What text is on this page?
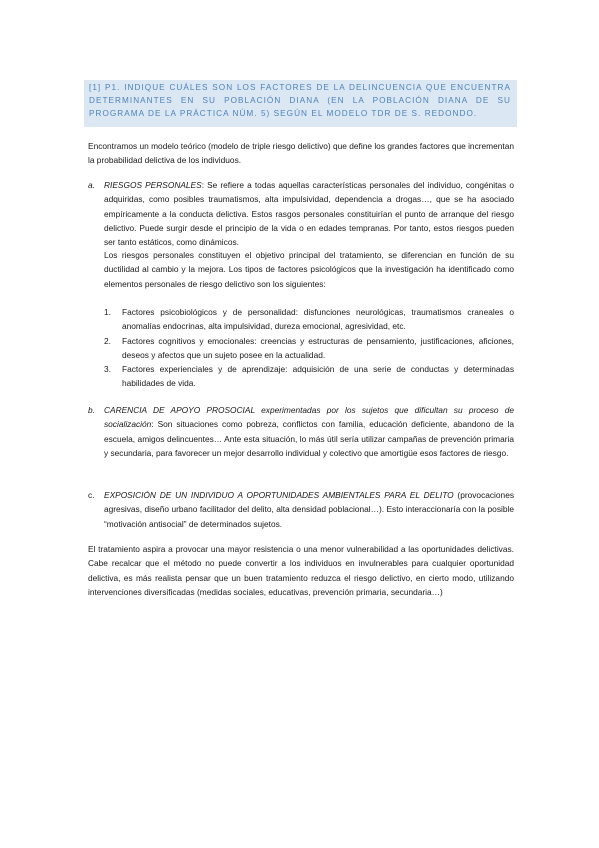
[1] P1. INDIQUE CUÁLES SON LOS FACTORES DE LA DELINCUENCIA QUE ENCUENTRA DETERMINANTES EN SU POBLACIÓN DIANA (EN LA POBLACIÓN DIANA DE SU PROGRAMA DE LA PRÁCTICA NÚM. 5) SEGÚN EL MODELO TDR DE S. REDONDO.
Encontramos un modelo teórico (modelo de triple riesgo delictivo) que define los grandes factores que incrementan la probabilidad delictiva de los individuos.
a. RIESGOS PERSONALES: Se refiere a todas aquellas características personales del individuo, congénitas o adquiridas, como posibles traumatismos, alta impulsividad, dependencia a drogas…, que se ha asociado empíricamente a la conducta delictiva. Estos rasgos personales constituirían el punto de arranque del riesgo delictivo. Puede surgir desde el principio de la vida o en edades tempranas. Por tanto, estos riesgos pueden ser tanto estáticos, como dinámicos.
Los riesgos personales constituyen el objetivo principal del tratamiento, se diferencian en función de su ductilidad al cambio y la mejora. Los tipos de factores psicológicos que la investigación ha identificado como elementos personales de riesgo delictivo son los siguientes:
1. Factores psicobiológicos y de personalidad: disfunciones neurológicas, traumatismos craneales o anomalías endocrinas, alta impulsividad, dureza emocional, agresividad, etc.
2. Factores cognitivos y emocionales: creencias y estructuras de pensamiento, justificaciones, aficiones, deseos y afectos que un sujeto posee en la actualidad.
3. Factores experienciales y de aprendizaje: adquisición de una serie de conductas y determinadas habilidades de vida.
b. CARENCIA DE APOYO PROSOCIAL experimentadas por los sujetos que dificultan su proceso de socialización: Son situaciones como pobreza, conflictos con familia, educación deficiente, abandono de la escuela, amigos delincuentes… Ante esta situación, lo más útil sería utilizar campañas de prevención primaria y secundaria, para favorecer un mejor desarrollo individual y colectivo que amortigüe esos factores de riesgo.
c. EXPOSICIÓN DE UN INDIVIDUO A OPORTUNIDADES AMBIENTALES PARA EL DELITO (provocaciones agresivas, diseño urbano facilitador del delito, alta densidad poblacional…). Esto interaccionaría con la posible “motivación antisocial” de determinados sujetos.
El tratamiento aspira a provocar una mayor resistencia o una menor vulnerabilidad a las oportunidades delictivas. Cabe recalcar que el método no puede convertir a los individuos en invulnerables para cualquier oportunidad delictiva, es más realista pensar que un buen tratamiento reduzca el riesgo delictivo, en cierto modo, utilizando intervenciones diversificadas (medidas sociales, educativas, prevención primaria, secundaria…)
